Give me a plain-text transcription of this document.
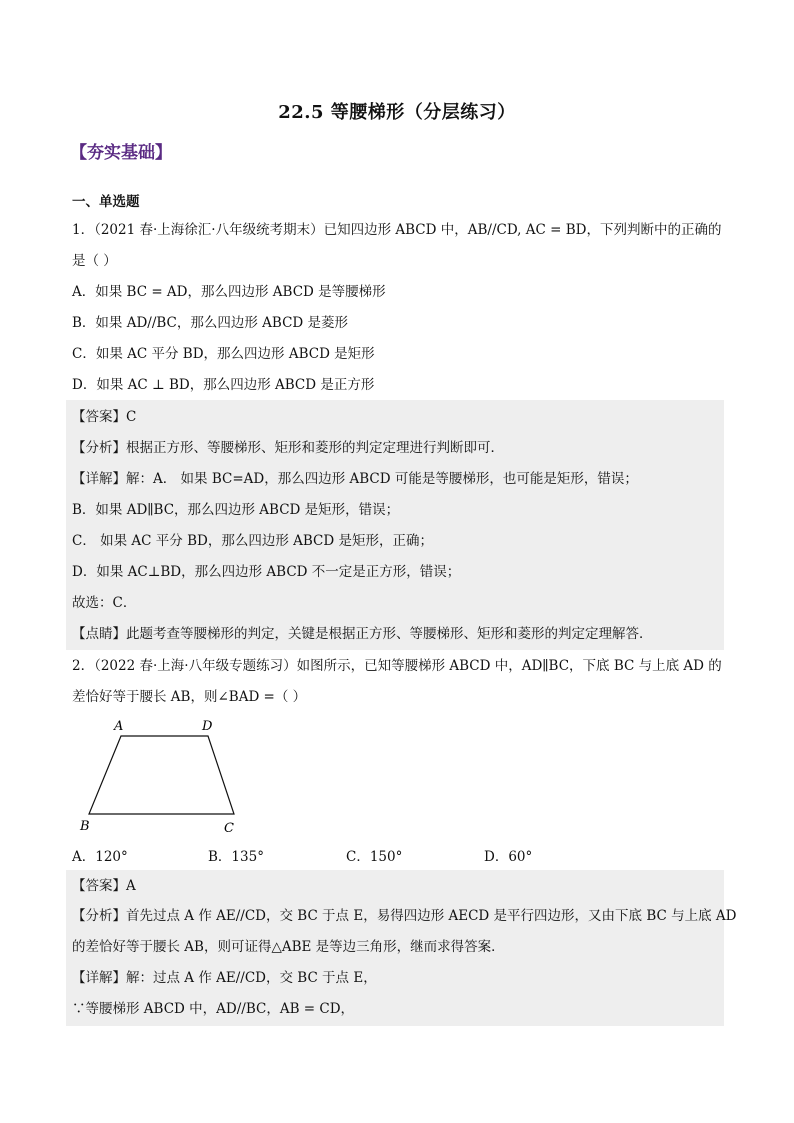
22.5 等腰梯形（分层练习）
【夯实基础】
一、单选题
1．（2021 春·上海徐汇·八年级统考期末）已知四边形 ABCD 中，AB//CD, AC = BD，下列判断中的正确的
是（ ）
A．如果 BC = AD，那么四边形 ABCD 是等腰梯形
B．如果 AD//BC，那么四边形 ABCD 是菱形
C．如果 AC 平分 BD，那么四边形 ABCD 是矩形
D．如果 AC ⊥ BD，那么四边形 ABCD 是正方形
【答案】C
【分析】根据正方形、等腰梯形、矩形和菱形的判定定理进行判断即可．
【详解】解：A． 如果 BC=AD，那么四边形 ABCD 可能是等腰梯形，也可能是矩形，错误；
B．如果 AD∥BC，那么四边形 ABCD 是矩形，错误；
C． 如果 AC 平分 BD，那么四边形 ABCD 是矩形，正确；
D．如果 AC⊥BD，那么四边形 ABCD 不一定是正方形，错误；
故选：C．
【点睛】此题考查等腰梯形的判定，关键是根据正方形、等腰梯形、矩形和菱形的判定定理解答．
2．（2022 春·上海·八年级专题练习）如图所示，已知等腰梯形 ABCD 中，AD∥BC，下底 BC 与上底 AD 的
差恰好等于腰长 AB，则∠BAD =（ ）
A	D
B	C
A．120°	B．135°	C．150°	D．60°
【答案】A
【分析】首先过点 A 作 AE//CD，交 BC 于点 E，易得四边形 AECD 是平行四边形，又由下底 BC 与上底 AD
的差恰好等于腰长 AB，则可证得△ABE 是等边三角形，继而求得答案．
【详解】解：过点 A 作 AE//CD，交 BC 于点 E，
∵等腰梯形 ABCD 中，AD//BC，AB = CD，
